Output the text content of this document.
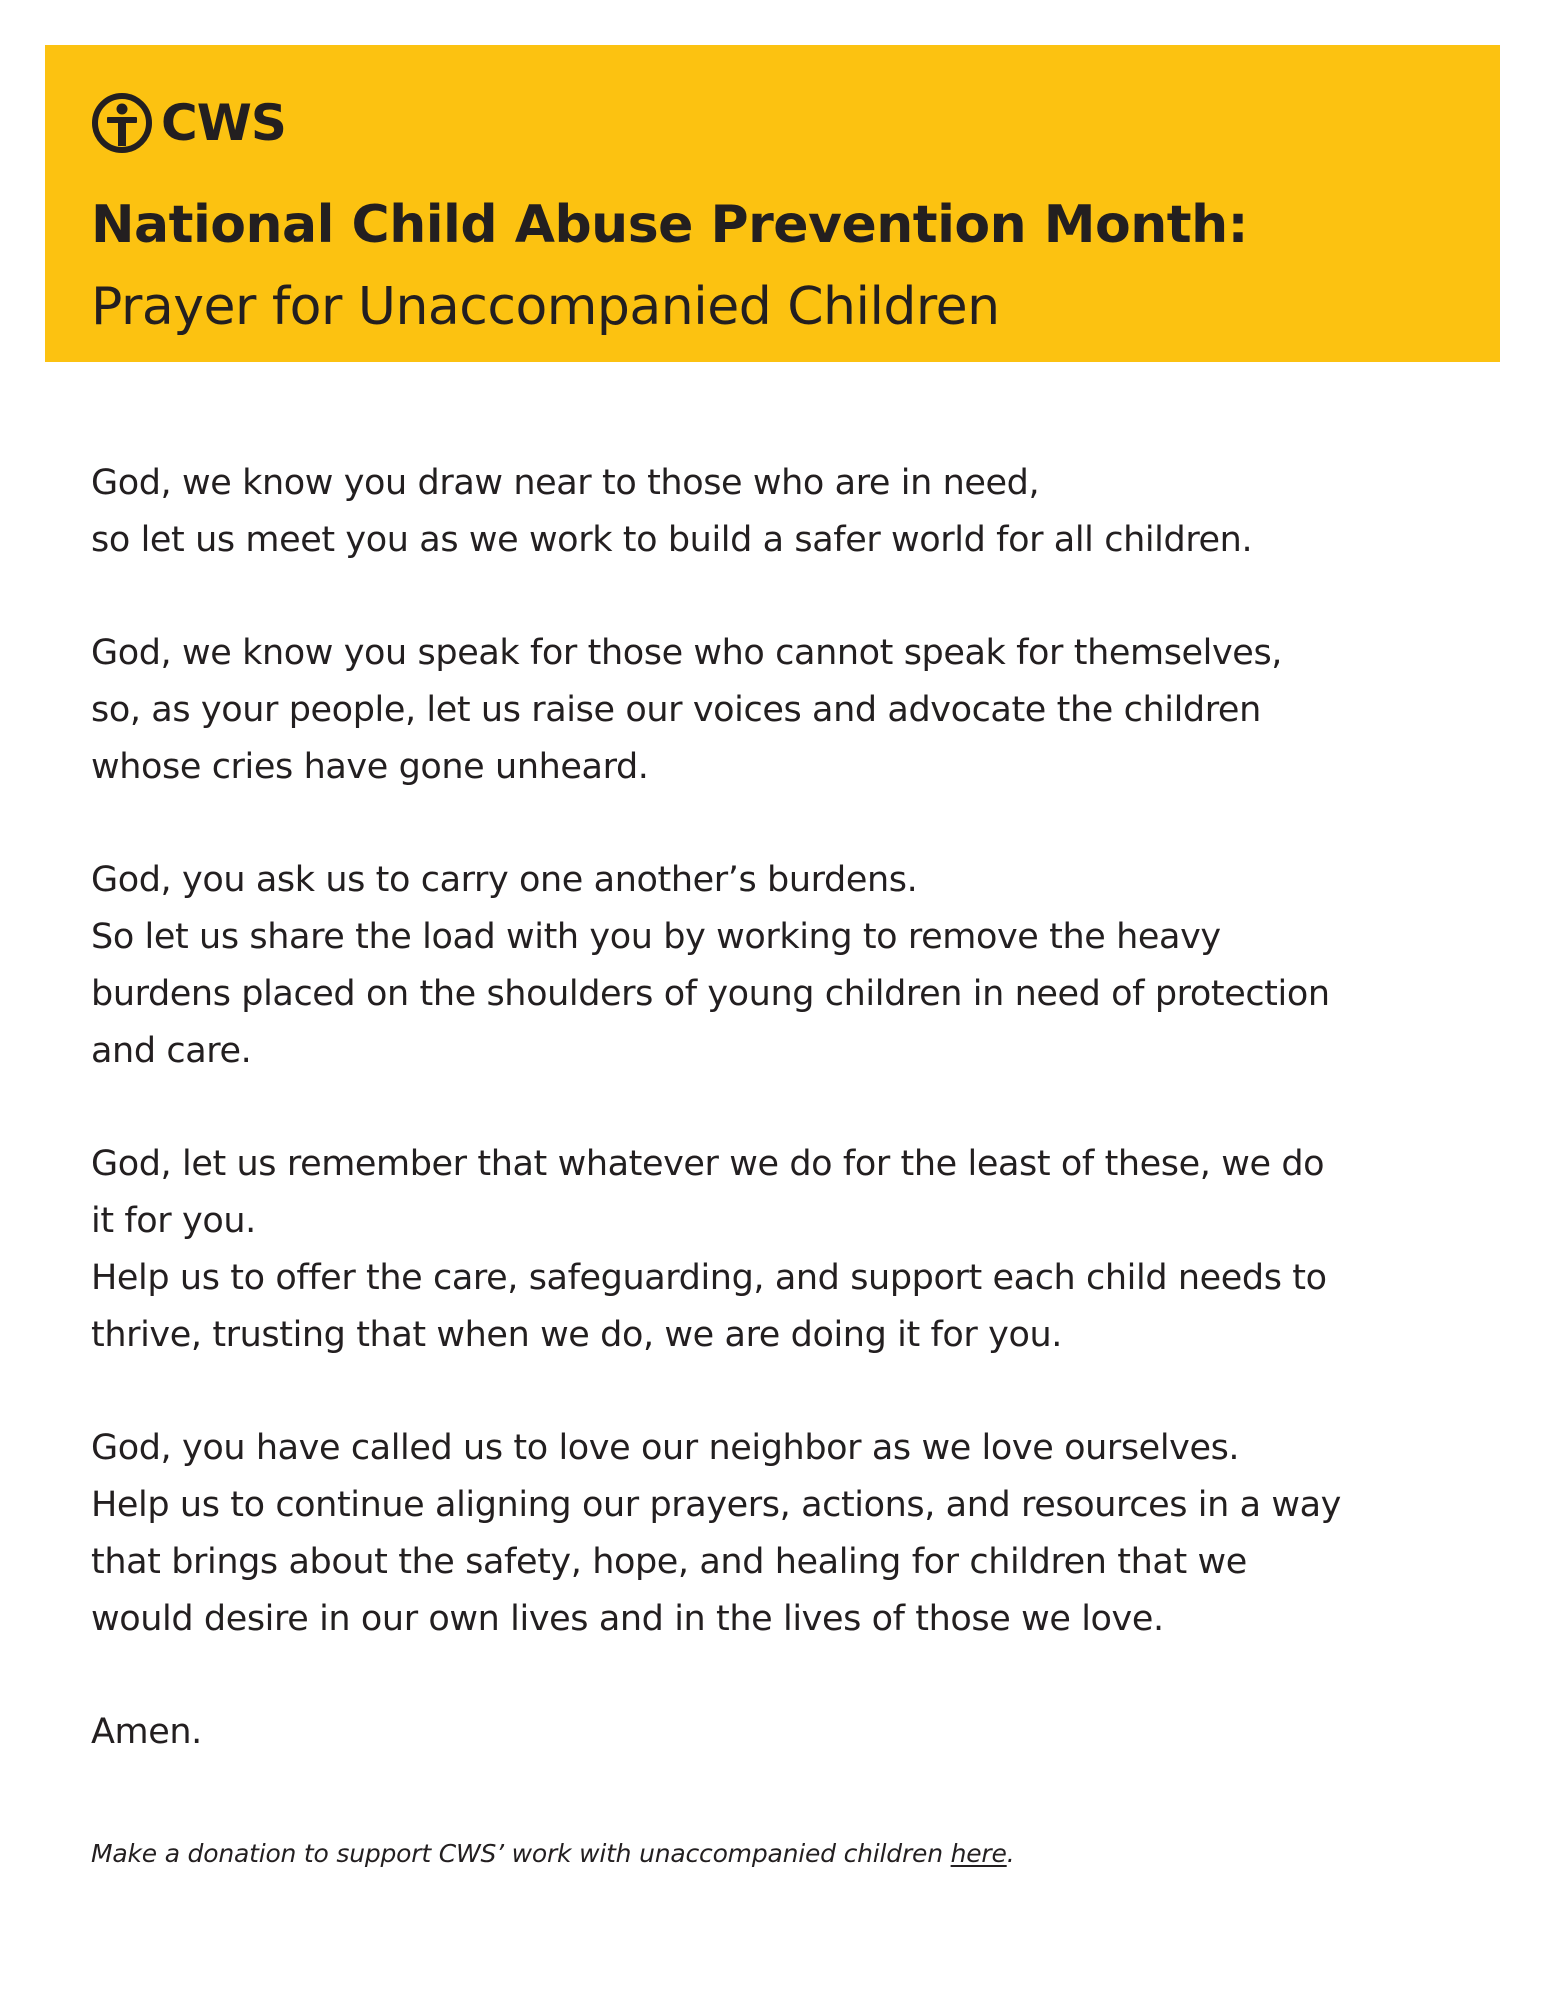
CWS
National Child Abuse Prevention Month:
Prayer for Unaccompanied Children

God, we know you draw near to those who are in need,
so let us meet you as we work to build a safer world for all children.

God, we know you speak for those who cannot speak for themselves,
so, as your people, let us raise our voices and advocate the children
whose cries have gone unheard.

God, you ask us to carry one another’s burdens.
So let us share the load with you by working to remove the heavy
burdens placed on the shoulders of young children in need of protection
and care.

God, let us remember that whatever we do for the least of these, we do
it for you.
Help us to offer the care, safeguarding, and support each child needs to
thrive, trusting that when we do, we are doing it for you.

God, you have called us to love our neighbor as we love ourselves.
Help us to continue aligning our prayers, actions, and resources in a way
that brings about the safety, hope, and healing for children that we
would desire in our own lives and in the lives of those we love.

Amen.
Make a donation to support CWS’ work with unaccompanied children here.
